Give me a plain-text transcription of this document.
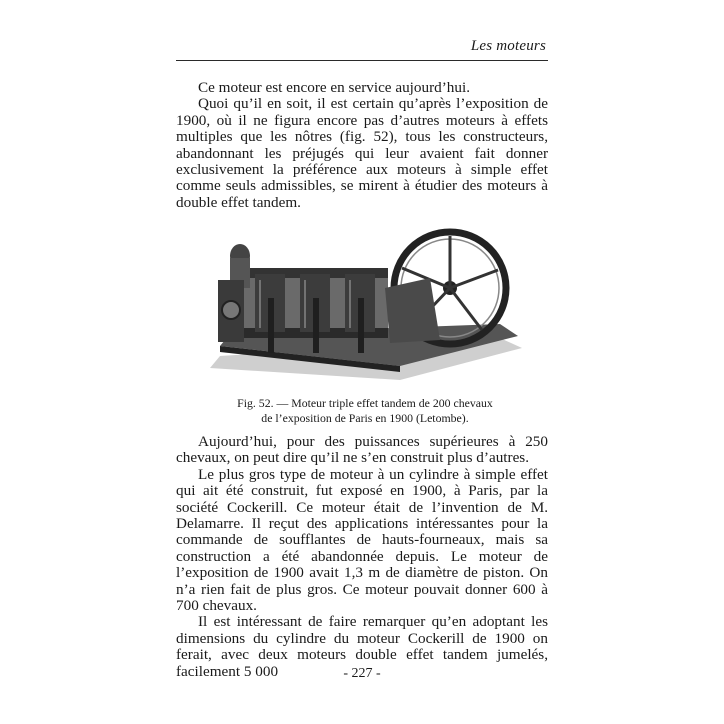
Les moteurs

Ce moteur est encore en service aujourd’hui.

Quoi qu’il en soit, il est certain qu’après l’exposition de 1900, où il ne figura encore pas d’autres moteurs à effets multiples que les nôtres (fig. 52), tous les constructeurs, abandonnant les préjugés qui leur avaient fait donner exclusivement la préférence aux moteurs à simple effet comme seuls admissibles, se mirent à étudier des moteurs à double effet tandem.

Fig. 52. — Moteur triple effet tandem de 200 chevaux
de l’exposition de Paris en 1900 (Letombe).

Aujourd’hui, pour des puissances supérieures à 250 chevaux, on peut dire qu’il ne s’en construit plus d’autres.

Le plus gros type de moteur à un cylindre à simple effet qui ait été construit, fut exposé en 1900, à Paris, par la société Cockerill. Ce moteur était de l’invention de M. Delamarre. Il reçut des applications intéressantes pour la commande de soufflantes de hauts-fourneaux, mais sa construction a été abandonnée depuis. Le moteur de l’exposition de 1900 avait 1,3 m de diamètre de piston. On n’a rien fait de plus gros. Ce moteur pouvait donner 600 à 700 chevaux.

Il est intéressant de faire remarquer qu’en adoptant les dimensions du cylindre du moteur Cockerill de 1900 on ferait, avec deux moteurs double effet tandem jumelés, facilement 5 000	- 227 -
